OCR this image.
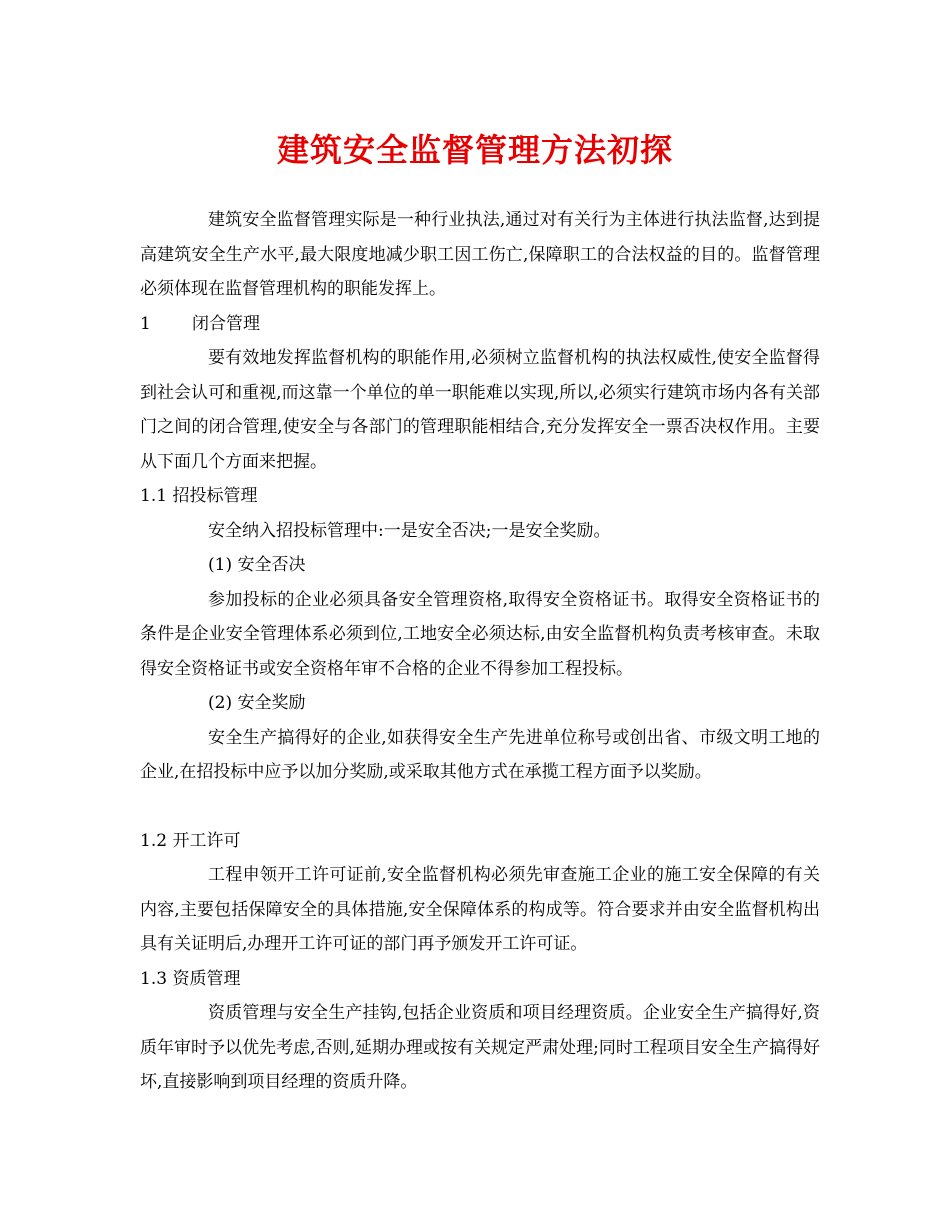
建筑安全监督管理方法初探

建筑安全监督管理实际是一种行业执法,通过对有关行为主体进行执法监督,达到提高建筑安全生产水平,最大限度地减少职工因工伤亡,保障职工的合法权益的目的。监督管理必须体现在监督管理机构的职能发挥上。

1 闭合管理

要有效地发挥监督机构的职能作用,必须树立监督机构的执法权威性,使安全监督得到社会认可和重视,而这靠一个单位的单一职能难以实现,所以,必须实行建筑市场内各有关部门之间的闭合管理,使安全与各部门的管理职能相结合,充分发挥安全一票否决权作用。主要从下面几个方面来把握。

1.1 招投标管理

安全纳入招投标管理中:一是安全否决;一是安全奖励。

(1) 安全否决

参加投标的企业必须具备安全管理资格,取得安全资格证书。取得安全资格证书的条件是企业安全管理体系必须到位,工地安全必须达标,由安全监督机构负责考核审查。未取得安全资格证书或安全资格年审不合格的企业不得参加工程投标。

(2) 安全奖励

安全生产搞得好的企业,如获得安全生产先进单位称号或创出省、市级文明工地的企业,在招投标中应予以加分奖励,或采取其他方式在承揽工程方面予以奖励。

1.2 开工许可

工程申领开工许可证前,安全监督机构必须先审查施工企业的施工安全保障的有关内容,主要包括保障安全的具体措施,安全保障体系的构成等。符合要求并由安全监督机构出具有关证明后,办理开工许可证的部门再予颁发开工许可证。

1.3 资质管理

资质管理与安全生产挂钩,包括企业资质和项目经理资质。企业安全生产搞得好,资质年审时予以优先考虑,否则,延期办理或按有关规定严肃处理;同时工程项目安全生产搞得好坏,直接影响到项目经理的资质升降。
